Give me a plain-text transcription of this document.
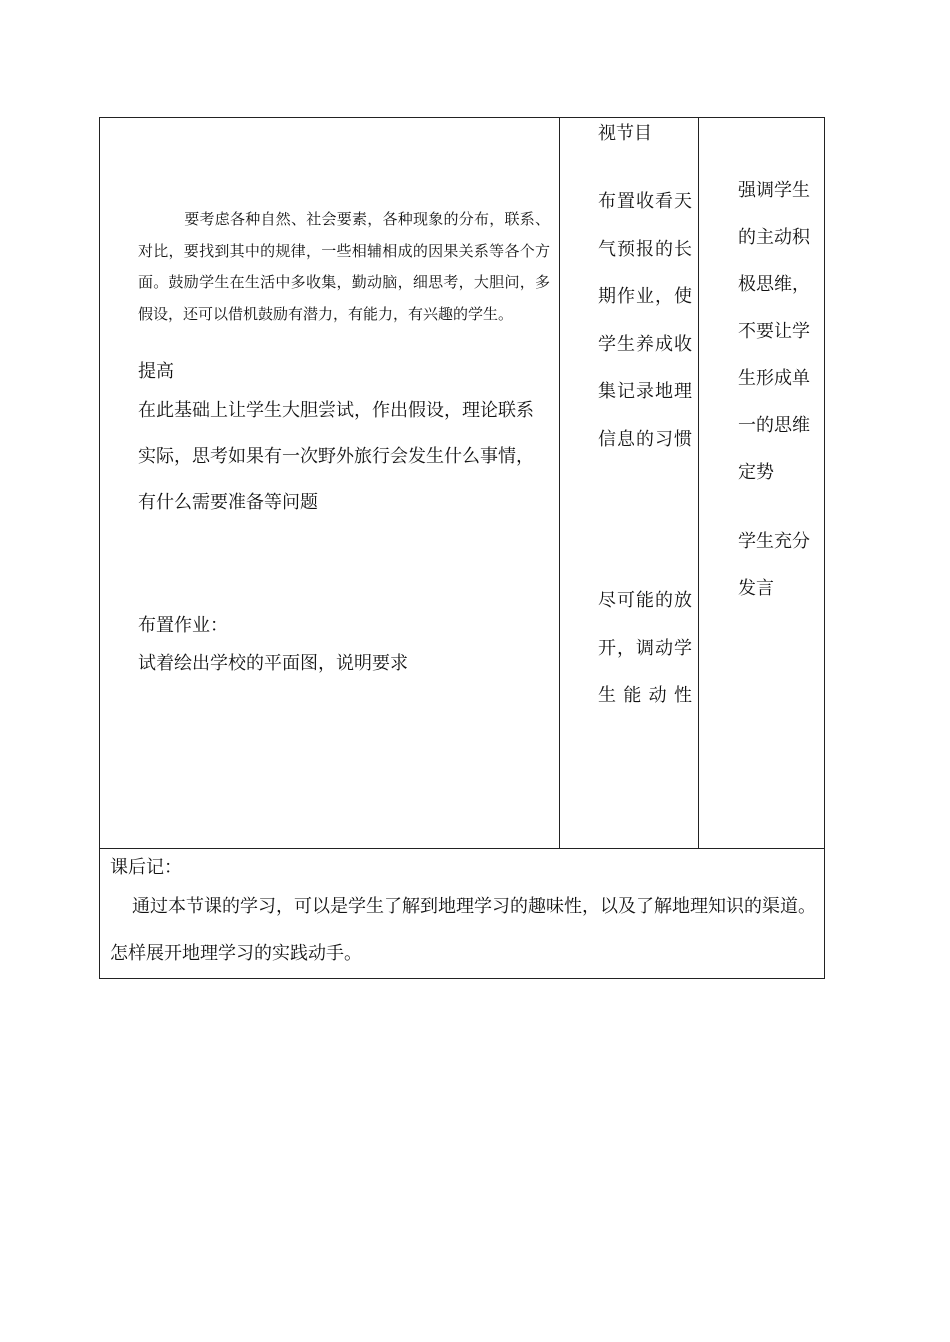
要考虑各种自然、社会要素，各种现象的分布，联系、对比，要找到其中的规律，一些相辅相成的因果关系等各个方面。鼓励学生在生活中多收集，勤动脑，细思考，大胆问，多假设，还可以借机鼓励有潜力，有能力，有兴趣的学生。

提高

在此基础上让学生大胆尝试，作出假设，理论联系实际，思考如果有一次野外旅行会发生什么事情，有什么需要准备等问题

布置作业：

试着绘出学校的平面图，说明要求

视节目

布置收看天气预报的长期作业，使学生养成收集记录地理信息的习惯

尽可能的放开，调动学生能动性

强调学生的主动积极思维，不要让学生形成单一的思维定势

学生充分发言

课后记：

通过本节课的学习，可以是学生了解到地理学习的趣味性，以及了解地理知识的渠道。怎样展开地理学习的实践动手。
